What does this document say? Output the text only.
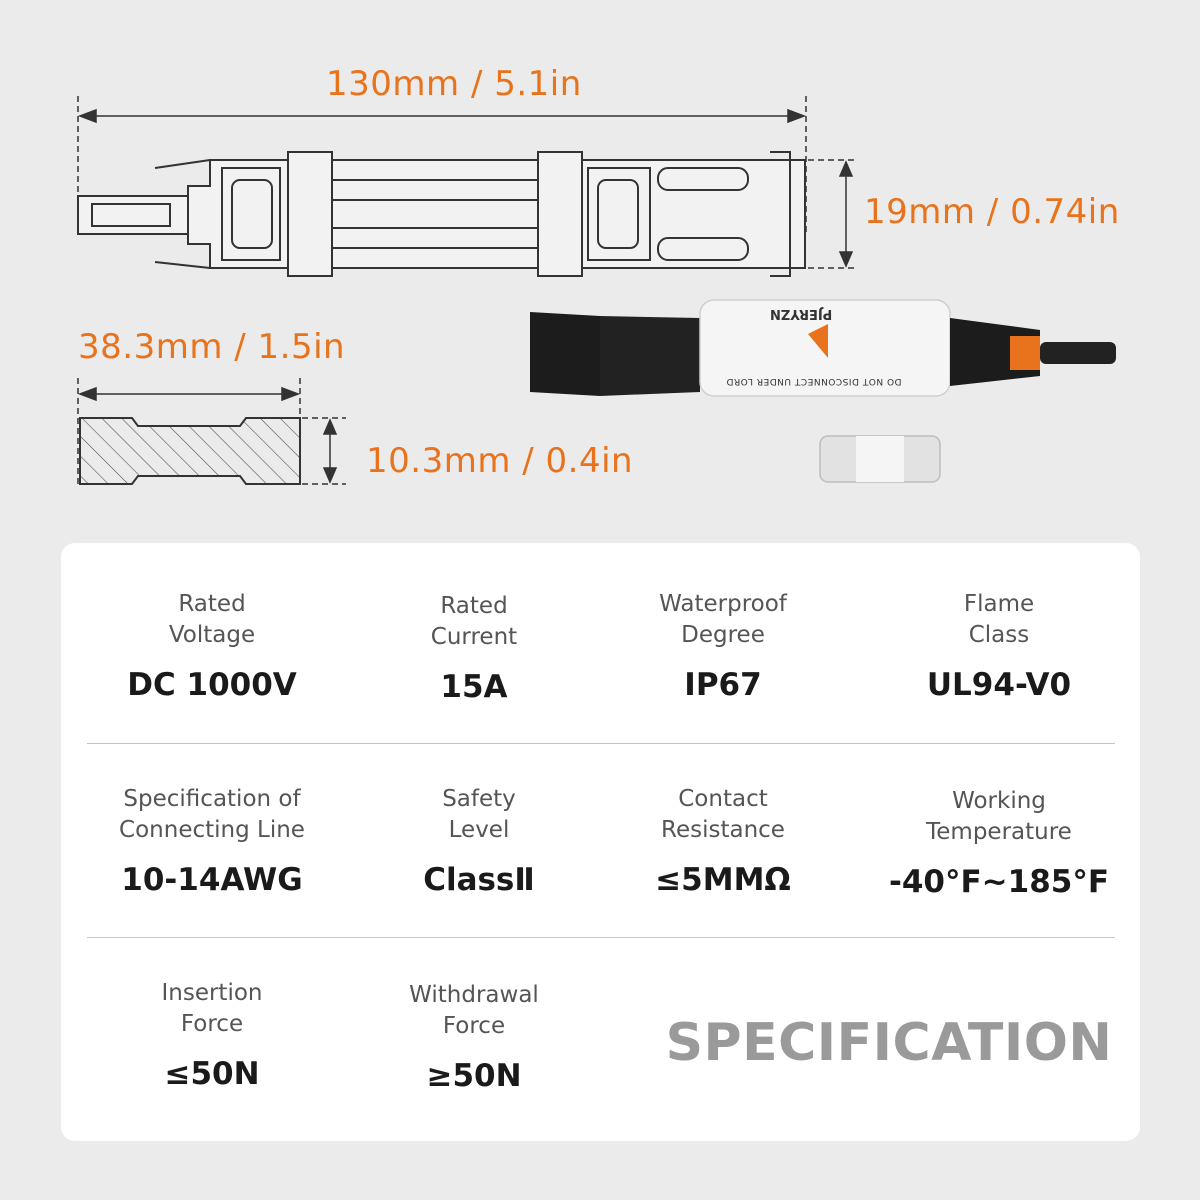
130mm / 5.1in
19mm / 0.74in
38.3mm / 1.5in
10.3mm / 0.4in
PJERYZN
DO NOT DISCONNECT UNDER LORD
Rated
Voltage
DC 1000V
Rated
Current
15A
Waterproof
Degree
IP67
Flame
Class
UL94-V0
Specification of
Connecting Line
10-14AWG
Safety
Level
ClassⅡ
Contact
Resistance
≤5MMΩ
Working
Temperature
-40°F~185°F
Insertion
Force
≤50N
Withdrawal
Force
≥50N
SPECIFICATION
